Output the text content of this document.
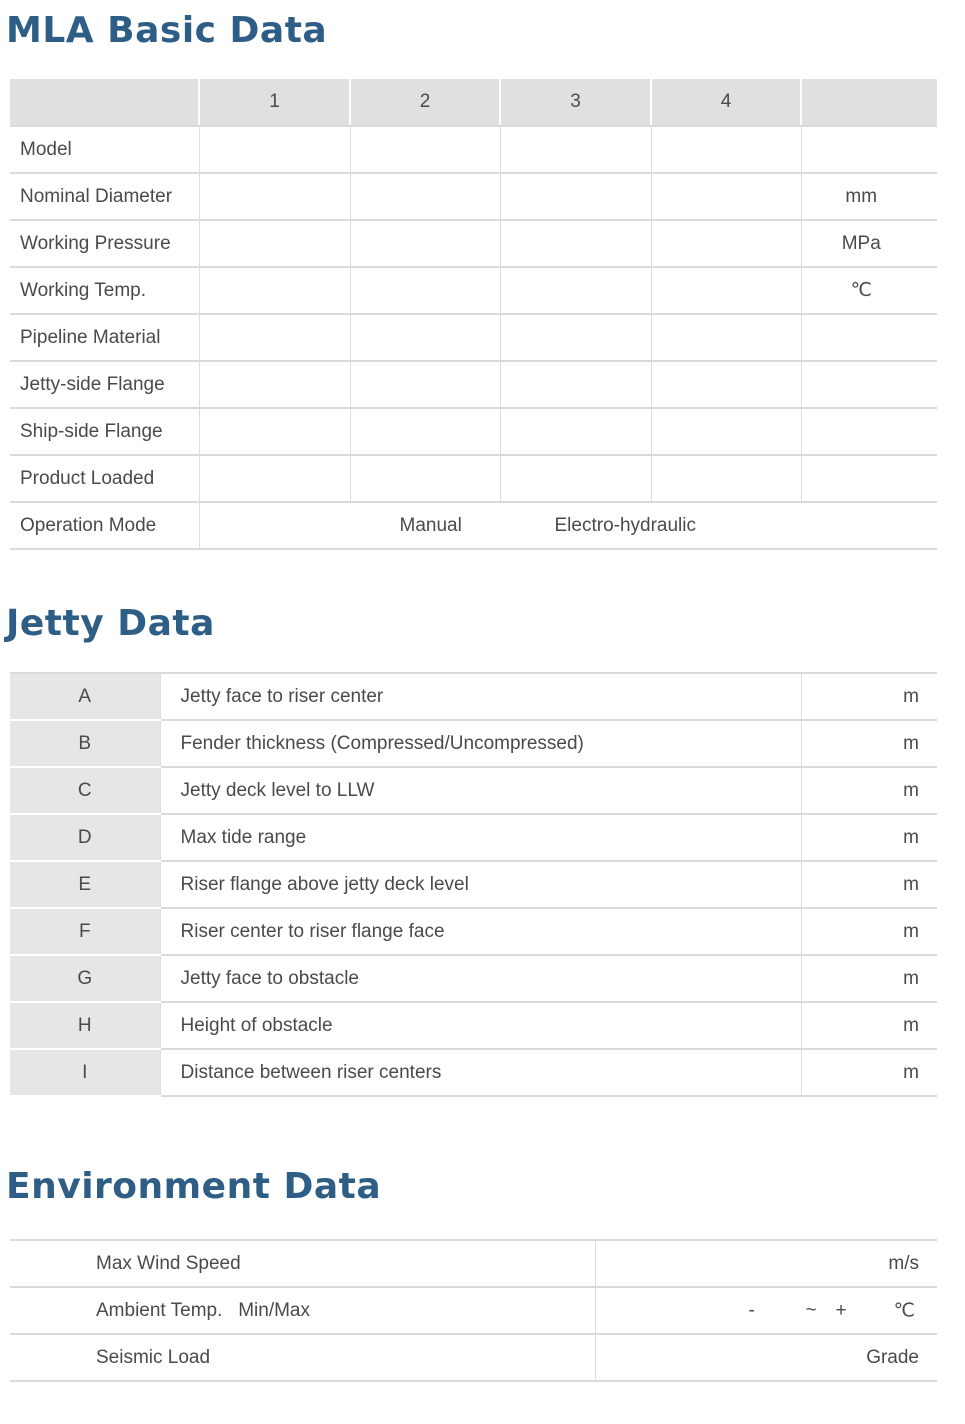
MLA Basic Data
	1	2	3	4	
Model					
Nominal Diameter					mm
Working Pressure					MPa
Working Temp.					℃
Pipeline Material					
Jetty-side Flange					
Ship-side Flange					
Product Loaded					
Operation Mode	Manual Electro-hydraulic				
Jetty Data
A	Jetty face to riser center	m
B	Fender thickness (Compressed/Uncompressed)	m
C	Jetty deck level to LLW	m
D	Max tide range	m
E	Riser flange above jetty deck level	m
F	Riser center to riser flange face	m
G	Jetty face to obstacle	m
H	Height of obstacle	m
I	Distance between riser centers	m
Environment Data
Max Wind Speed	m/s
Ambient Temp.   Min/Max	- ~ + ℃

Seismic Load	Grade
